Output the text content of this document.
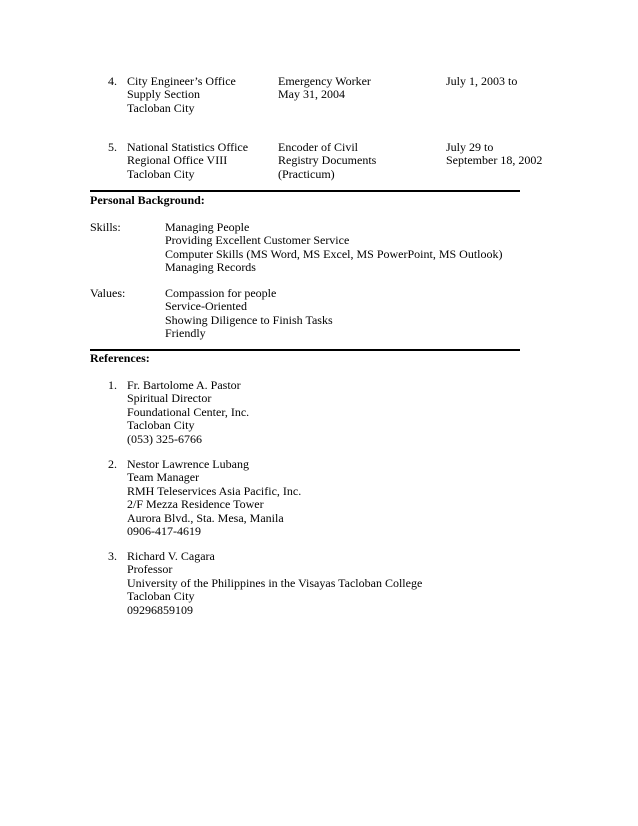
4. City Engineer’s Office
Supply Section
Tacloban City
Emergency Worker
May 31, 2004
July 1, 2003 to
5. National Statistics Office
Regional Office VIII
Tacloban City
Encoder of Civil
Registry Documents
(Practicum)
July 29 to
September 18, 2002
Personal Background:
Skills:	Managing People
Providing Excellent Customer Service
Computer Skills (MS Word, MS Excel, MS PowerPoint, MS Outlook)
Managing Records
Values:	Compassion for people
Service-Oriented
Showing Diligence to Finish Tasks
Friendly
References:
1. Fr. Bartolome A. Pastor
Spiritual Director
Foundational Center, Inc.
Tacloban City
(053) 325-6766
2. Nestor Lawrence Lubang
Team Manager
RMH Teleservices Asia Pacific, Inc.
2/F Mezza Residence Tower
Aurora Blvd., Sta. Mesa, Manila
0906-417-4619
3. Richard V. Cagara
Professor
University of the Philippines in the Visayas Tacloban College
Tacloban City
09296859109
